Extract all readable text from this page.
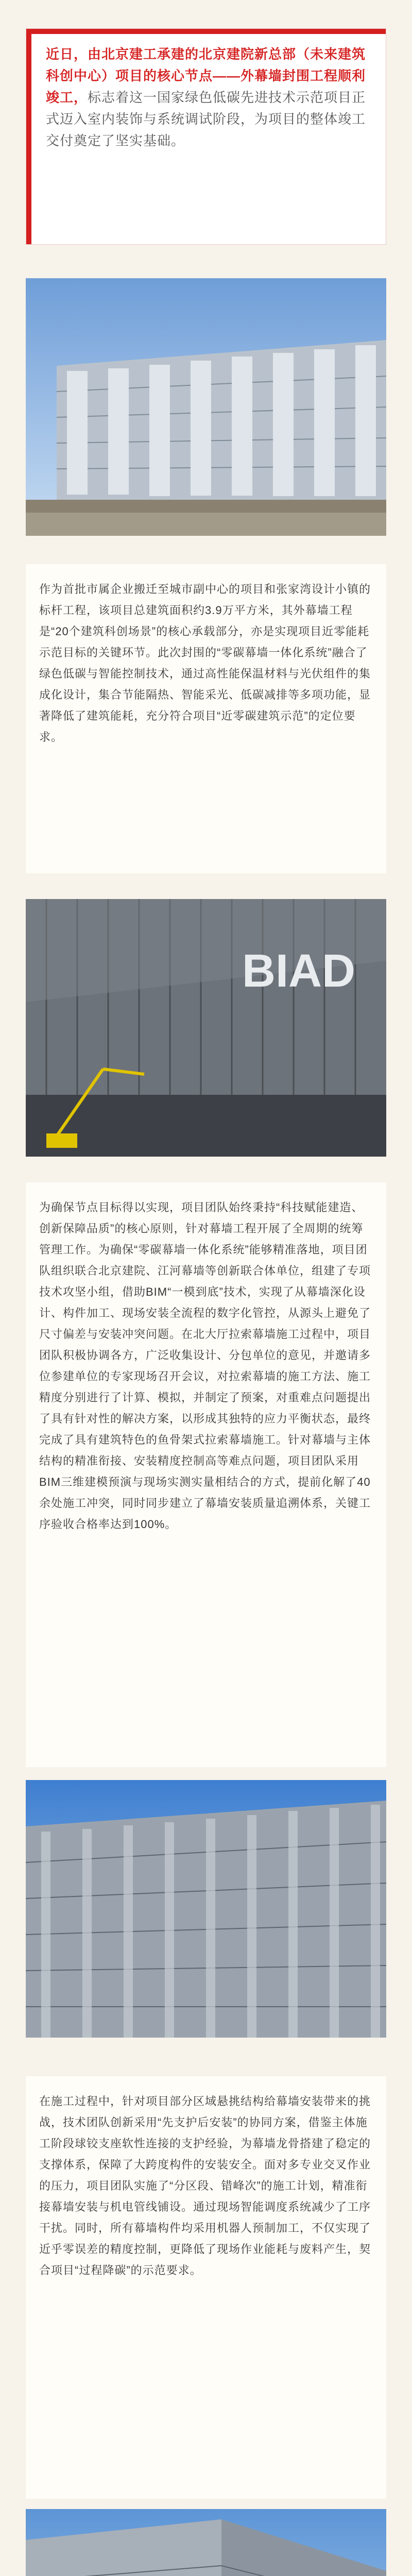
近日，由北京建工承建的北京建院新总部（未来建筑科创中心）项目的核心节点——外幕墙封围工程顺利竣工，标志着这一国家绿色低碳先进技术示范项目正式迈入室内装饰与系统调试阶段，为项目的整体竣工交付奠定了坚实基础。

作为首批市属企业搬迁至城市副中心的项目和张家湾设计小镇的标杆工程，该项目总建筑面积约3.9万平方米，其外幕墙工程是“20个建筑科创场景”的核心承载部分，亦是实现项目近零能耗示范目标的关键环节。此次封围的“零碳幕墙一体化系统”融合了绿色低碳与智能控制技术，通过高性能保温材料与光伏组件的集成化设计，集合节能隔热、智能采光、低碳减排等多项功能，显著降低了建筑能耗，充分符合项目“近零碳建筑示范”的定位要求。

BIAD

为确保节点目标得以实现，项目团队始终秉持“科技赋能建造、创新保障品质”的核心原则，针对幕墙工程开展了全周期的统筹管理工作。为确保“零碳幕墙一体化系统”能够精准落地，项目团队组织联合北京建院、江河幕墙等创新联合体单位，组建了专项技术攻坚小组，借助BIM“一模到底”技术，实现了从幕墙深化设计、构件加工、现场安装全流程的数字化管控，从源头上避免了尺寸偏差与安装冲突问题。在北大厅拉索幕墙施工过程中，项目团队积极协调各方，广泛收集设计、分包单位的意见，并邀请多位参建单位的专家现场召开会议，对拉索幕墙的施工方法、施工精度分别进行了计算、模拟，并制定了预案，对重难点问题提出了具有针对性的解决方案，以形成其独特的应力平衡状态，最终完成了具有建筑特色的鱼骨架式拉索幕墙施工。针对幕墙与主体结构的精准衔接、安装精度控制高等难点问题，项目团队采用BIM三维建模预演与现场实测实量相结合的方式，提前化解了40余处施工冲突，同时同步建立了幕墙安装质量追溯体系，关键工序验收合格率达到100%。

在施工过程中，针对项目部分区域悬挑结构给幕墙安装带来的挑战，技术团队创新采用“先支护后安装”的协同方案，借鉴主体施工阶段球铰支座软性连接的支护经验，为幕墙龙骨搭建了稳定的支撑体系，保障了大跨度构件的安装安全。面对多专业交叉作业的压力，项目团队实施了“分区段、错峰次”的施工计划，精准衔接幕墙安装与机电管线铺设。通过现场智能调度系统减少了工序干扰。同时，所有幕墙构件均采用机器人预制加工，不仅实现了近乎零误差的精度控制，更降低了现场作业能耗与废料产生，契合项目“过程降碳”的示范要求。
